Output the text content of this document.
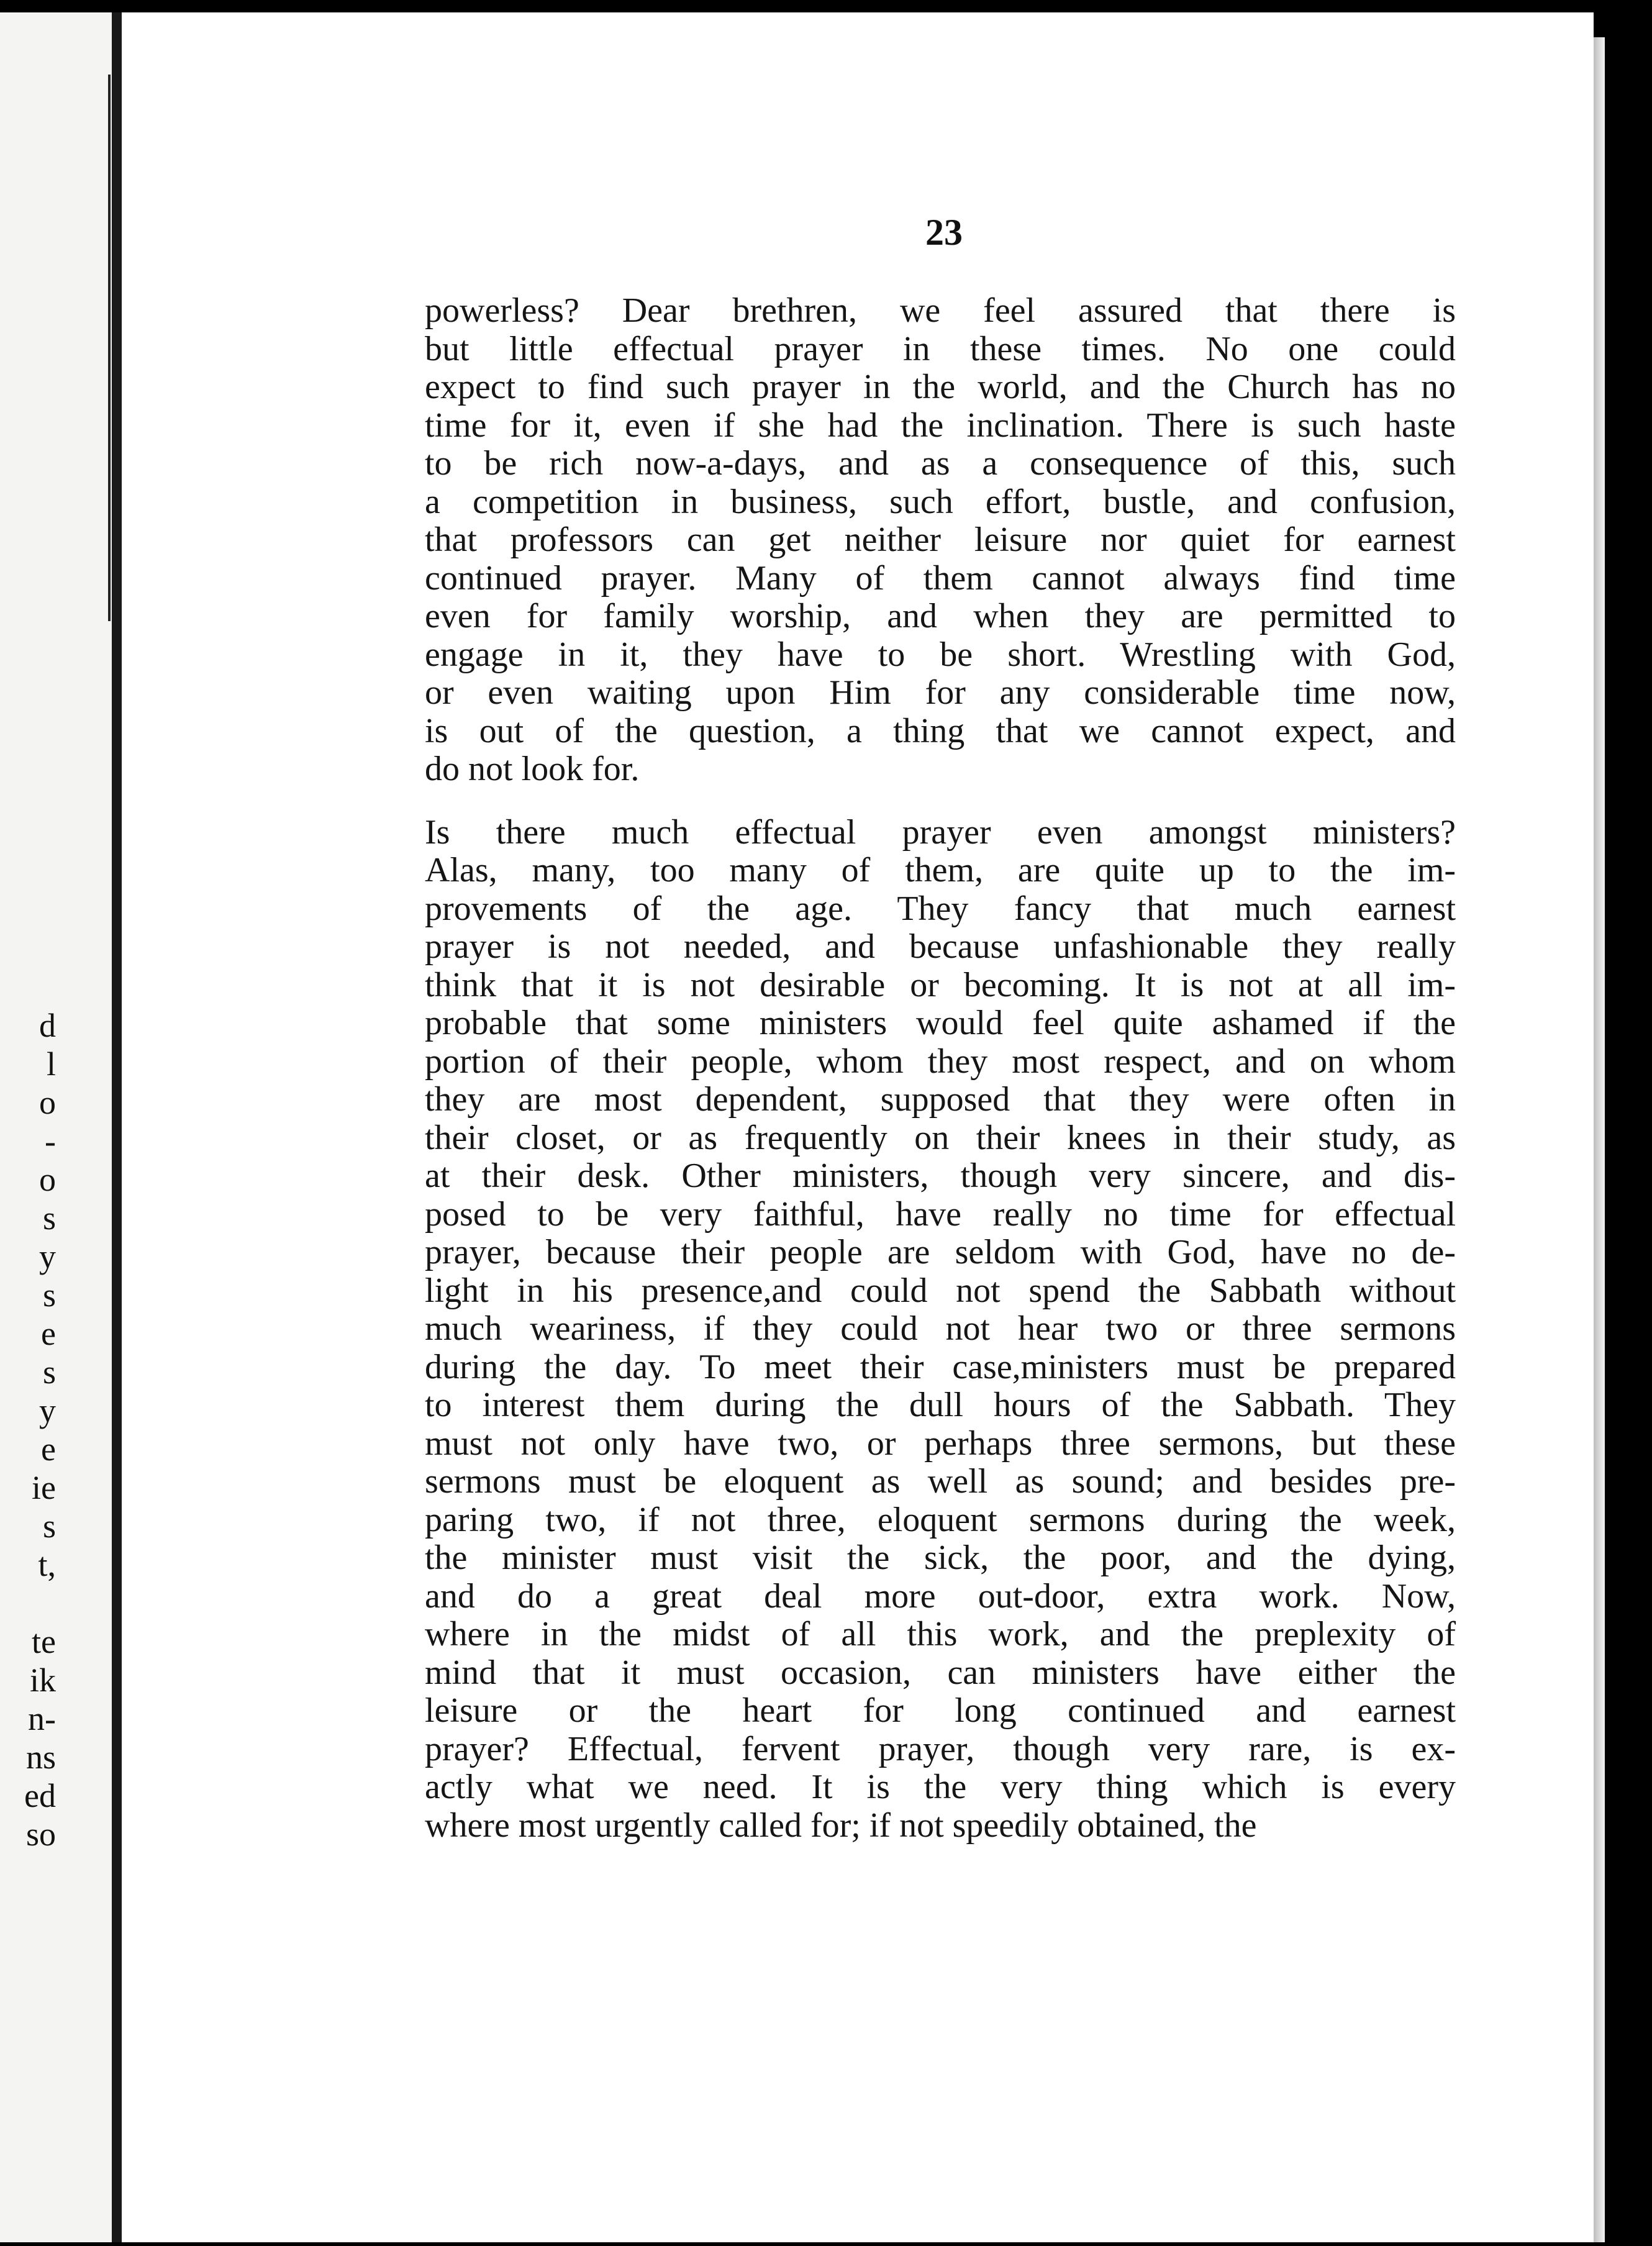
d
l
o
-
o
s
y
s
e
s
y
e
ie
s
t,
te
ik
n-
ns
ed
so
23
powerless? Dear brethren, we feel assured that there is
but little effectual prayer in these times. No one could
expect to find such prayer in the world, and the Church has no
time for it, even if she had the inclination. There is such haste
to be rich now-a-days, and as a consequence of this, such
a competition in business, such effort, bustle, and confusion,
that professors can get neither leisure nor quiet for earnest
continued prayer. Many of them cannot always find time
even for family worship, and when they are permitted to
engage in it, they have to be short. Wrestling with God,
or even waiting upon Him for any considerable time now,
is out of the question, a thing that we cannot expect, and
do not look for.
Is there much effectual prayer even amongst ministers?
Alas, many, too many of them, are quite up to the im-
provements of the age. They fancy that much earnest
prayer is not needed, and because unfashionable they really
think that it is not desirable or becoming. It is not at all im-
probable that some ministers would feel quite ashamed if the
portion of their people, whom they most respect, and on whom
they are most dependent, supposed that they were often in
their closet, or as frequently on their knees in their study, as
at their desk. Other ministers, though very sincere, and dis-
posed to be very faithful, have really no time for effectual
prayer, because their people are seldom with God, have no de-
light in his presence,and could not spend the Sabbath without
much weariness, if they could not hear two or three sermons
during the day. To meet their case,ministers must be prepared
to interest them during the dull hours of the Sabbath. They
must not only have two, or perhaps three sermons, but these
sermons must be eloquent as well as sound; and besides pre-
paring two, if not three, eloquent sermons during the week,
the minister must visit the sick, the poor, and the dying,
and do a great deal more out-door, extra work. Now,
where in the midst of all this work, and the preplexity of
mind that it must occasion, can ministers have either the
leisure or the heart for long continued and earnest
prayer? Effectual, fervent prayer, though very rare, is ex-
actly what we need. It is the very thing which is every
where most urgently called for; if not speedily obtained, the
